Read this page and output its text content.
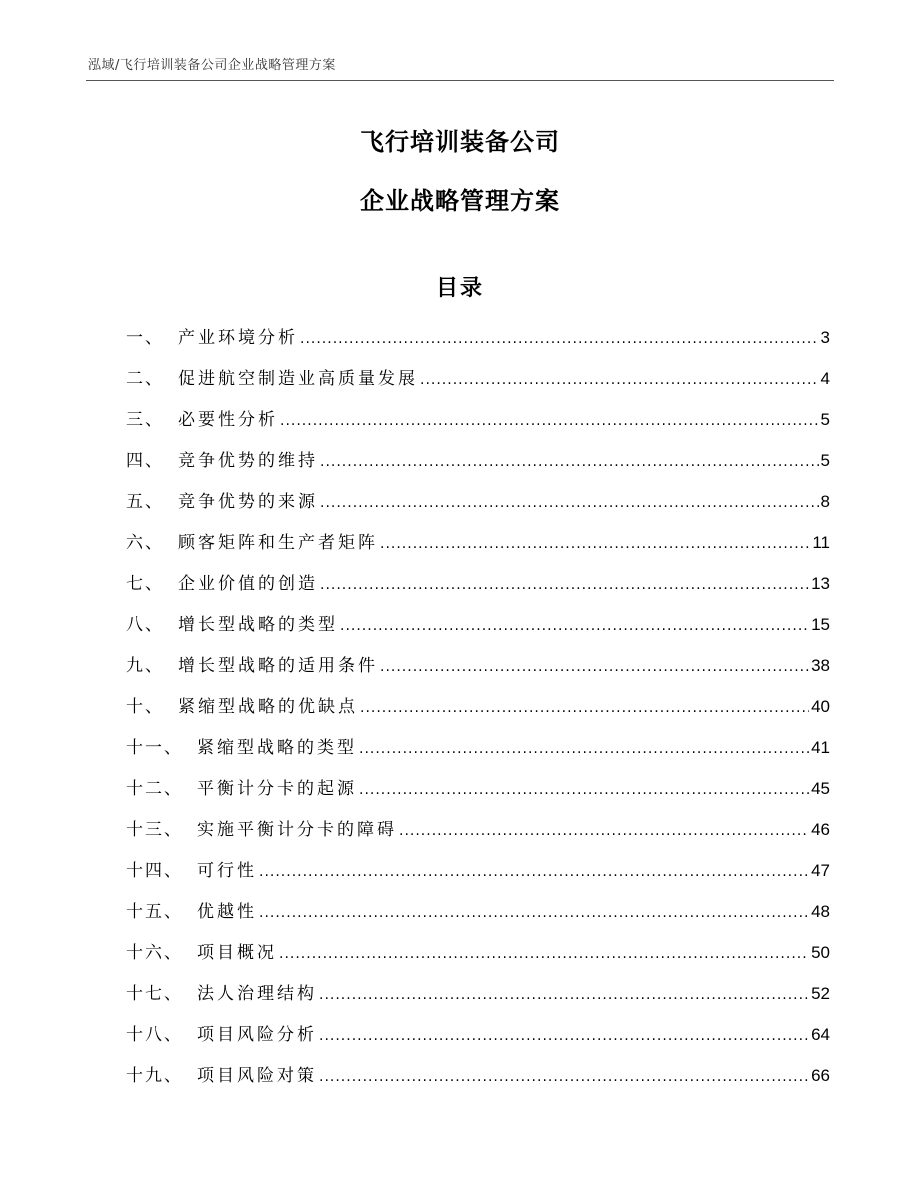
泓域/飞行培训装备公司企业战略管理方案
飞行培训装备公司
企业战略管理方案
目录
一、 产业环境分析 .....	3
二、 促进航空制造业高质量发展 .....	4
三、 必要性分析 .....	5
四、 竞争优势的维持 .....	5
五、 竞争优势的来源 .....	8
六、 顾客矩阵和生产者矩阵 .....	11
七、 企业价值的创造 .....	13
八、 增长型战略的类型 .....	15
九、 增长型战略的适用条件 .....	38
十、 紧缩型战略的优缺点 .....	40
十一、 紧缩型战略的类型 .....	41
十二、 平衡计分卡的起源 .....	45
十三、 实施平衡计分卡的障碍 .....	46
十四、 可行性 .....	47
十五、 优越性 .....	48
十六、 项目概况 .....	50
十七、 法人治理结构 .....	52
十八、 项目风险分析 .....	64
十九、 项目风险对策 .....	66
